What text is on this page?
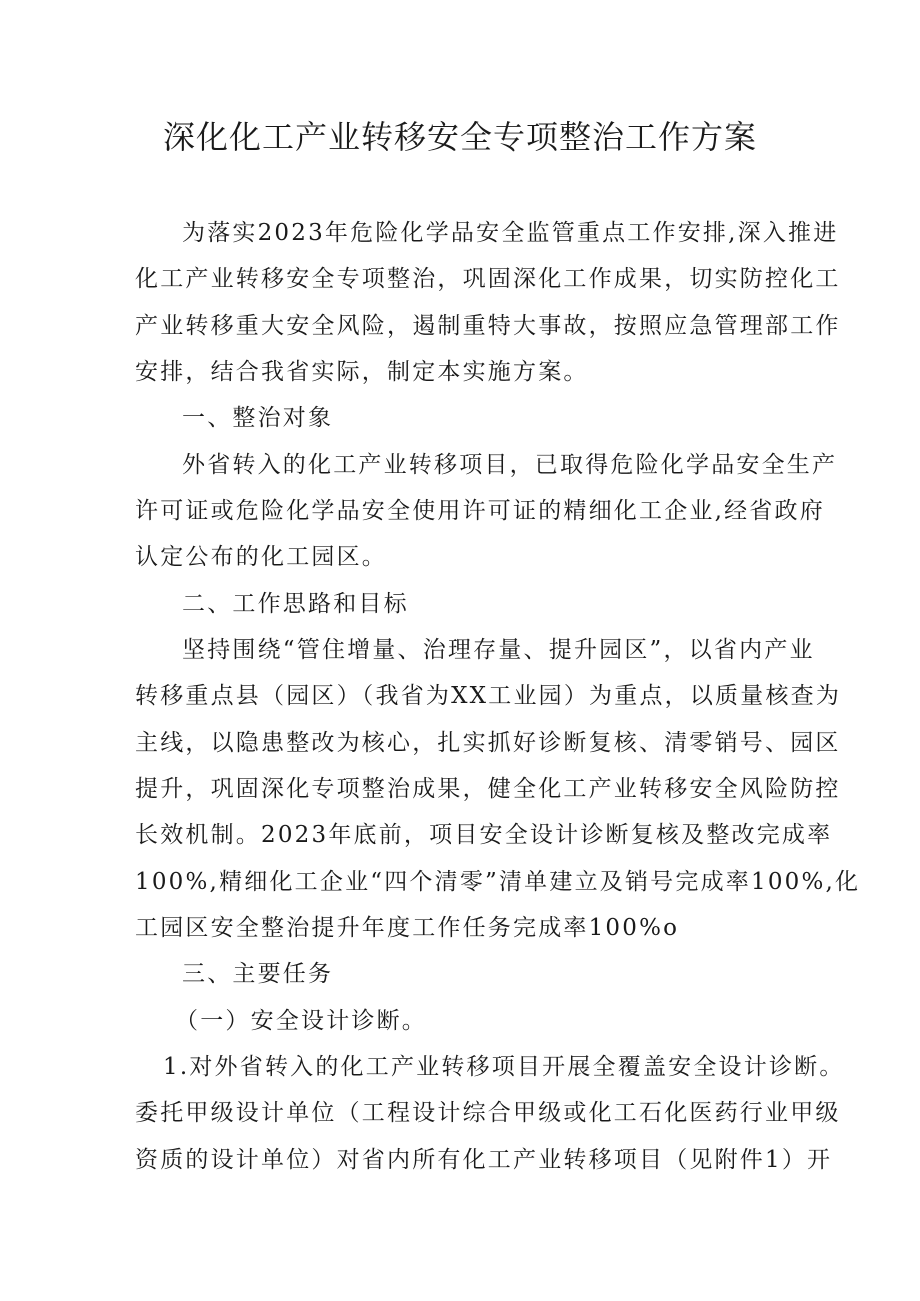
深化化工产业转移安全专项整治工作方案
为落实2023年危险化学品安全监管重点工作安排,深入推进
化工产业转移安全专项整治，巩固深化工作成果，切实防控化工
产业转移重大安全风险，遏制重特大事故，按照应急管理部工作
安排，结合我省实际，制定本实施方案。
一、整治对象
外省转入的化工产业转移项目，已取得危险化学品安全生产
许可证或危险化学品安全使用许可证的精细化工企业,经省政府
认定公布的化工园区。
二、工作思路和目标
坚持围绕“管住增量、治理存量、提升园区”，以省内产业
转移重点县（园区）（我省为XX工业园）为重点，以质量核查为
主线，以隐患整改为核心，扎实抓好诊断复核、清零销号、园区
提升，巩固深化专项整治成果，健全化工产业转移安全风险防控
长效机制。2023年底前，项目安全设计诊断复核及整改完成率
100%,精细化工企业“四个清零”清单建立及销号完成率100%,化
工园区安全整治提升年度工作任务完成率100%o
三、主要任务
（一）安全设计诊断。
1.对外省转入的化工产业转移项目开展全覆盖安全设计诊断。
委托甲级设计单位（工程设计综合甲级或化工石化医药行业甲级
资质的设计单位）对省内所有化工产业转移项目（见附件1）开
